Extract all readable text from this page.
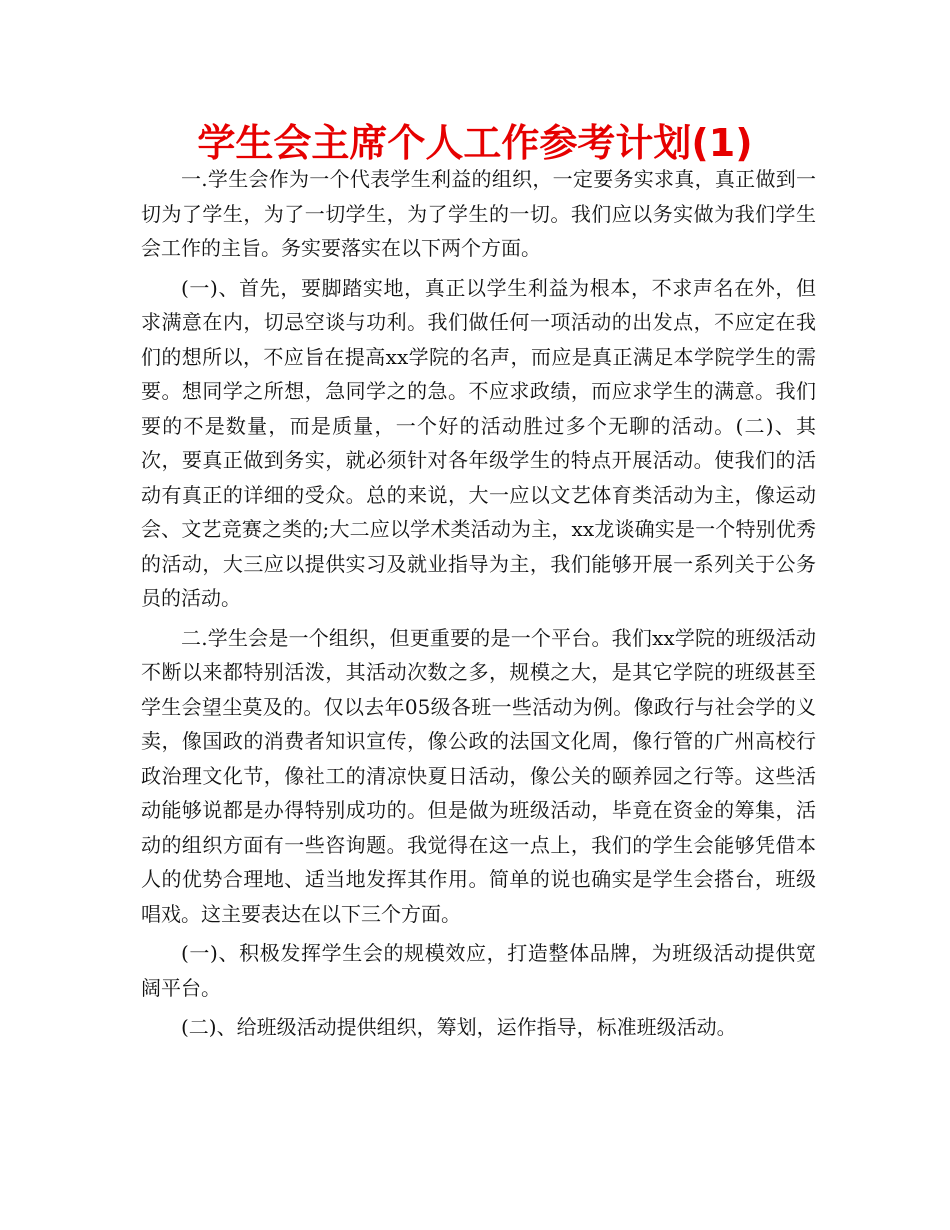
学生会主席个人工作参考计划(1)

一.学生会作为一个代表学生利益的组织，一定要务实求真，真正做到一切为了学生，为了一切学生，为了学生的一切。我们应以务实做为我们学生会工作的主旨。务实要落实在以下两个方面。

(一)、首先，要脚踏实地，真正以学生利益为根本，不求声名在外，但求满意在内，切忌空谈与功利。我们做任何一项活动的出发点，不应定在我们的想所以，不应旨在提高xx学院的名声，而应是真正满足本学院学生的需要。想同学之所想，急同学之的急。不应求政绩，而应求学生的满意。我们要的不是数量，而是质量，一个好的活动胜过多个无聊的活动。(二)、其次，要真正做到务实，就必须针对各年级学生的特点开展活动。使我们的活动有真正的详细的受众。总的来说，大一应以文艺体育类活动为主，像运动会、文艺竞赛之类的;大二应以学术类活动为主，xx龙谈确实是一个特别优秀的活动，大三应以提供实习及就业指导为主，我们能够开展一系列关于公务员的活动。

二.学生会是一个组织，但更重要的是一个平台。我们xx学院的班级活动不断以来都特别活泼，其活动次数之多，规模之大，是其它学院的班级甚至学生会望尘莫及的。仅以去年05级各班一些活动为例。像政行与社会学的义卖，像国政的消费者知识宣传，像公政的法国文化周，像行管的广州高校行政治理文化节，像社工的清凉快夏日活动，像公关的颐养园之行等。这些活动能够说都是办得特别成功的。但是做为班级活动，毕竟在资金的筹集，活动的组织方面有一些咨询题。我觉得在这一点上，我们的学生会能够凭借本人的优势合理地、适当地发挥其作用。简单的说也确实是学生会搭台，班级唱戏。这主要表达在以下三个方面。

(一)、积极发挥学生会的规模效应，打造整体品牌，为班级活动提供宽阔平台。

(二)、给班级活动提供组织，筹划，运作指导，标准班级活动。
